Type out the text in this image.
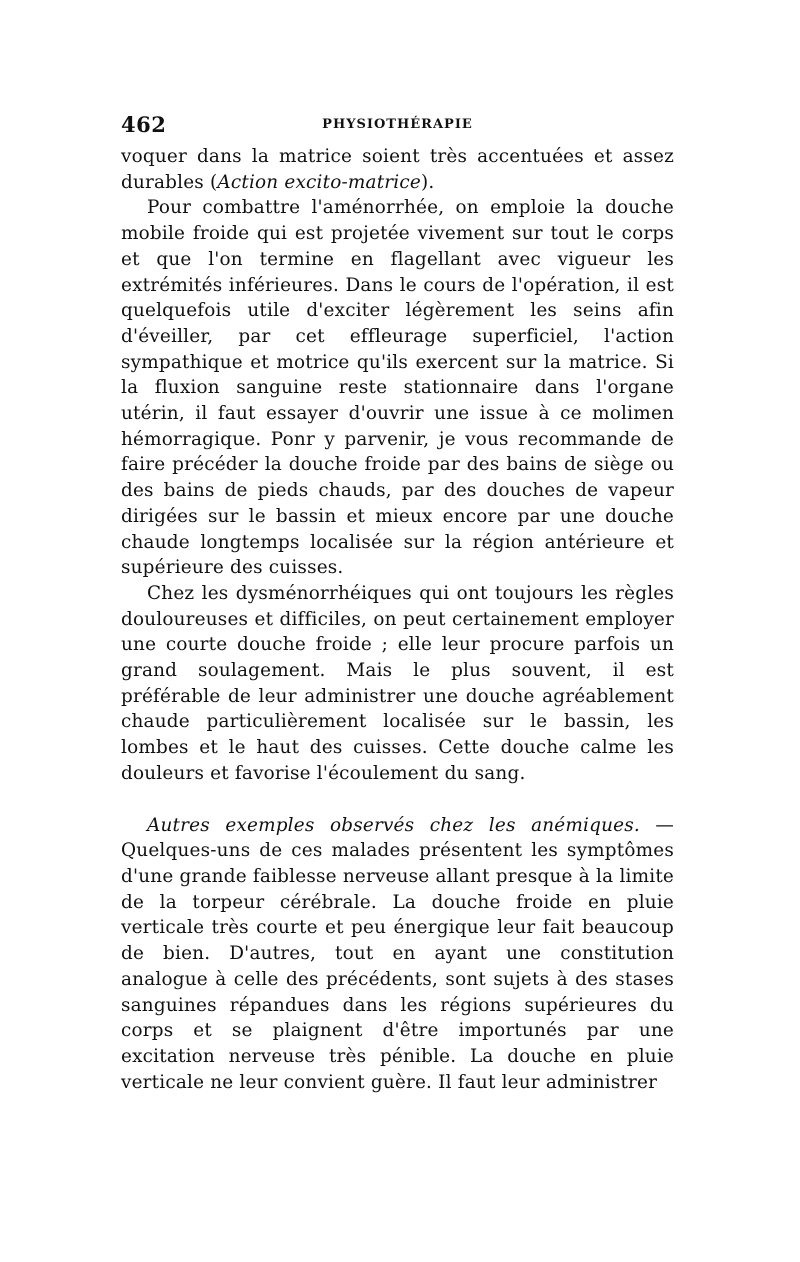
462	PHYSIOTHÉRAPIE

voquer dans la matrice soient très accentuées et assez durables (Action excito-matrice).

Pour combattre l'aménorrhée, on emploie la douche mobile froide qui est projetée vivement sur tout le corps et que l'on termine en flagellant avec vigueur les extrémités inférieures. Dans le cours de l'opération, il est quelquefois utile d'exciter légèrement les seins afin d'éveiller, par cet effleurage superficiel, l'action sympathique et motrice qu'ils exercent sur la matrice. Si la fluxion sanguine reste stationnaire dans l'organe utérin, il faut essayer d'ouvrir une issue à ce molimen hémorragique. Ponr y parvenir, je vous recommande de faire précéder la douche froide par des bains de siège ou des bains de pieds chauds, par des douches de vapeur dirigées sur le bassin et mieux encore par une douche chaude longtemps localisée sur la région antérieure et supérieure des cuisses.

Chez les dysménorrhéiques qui ont toujours les règles douloureuses et difficiles, on peut certainement employer une courte douche froide ; elle leur procure parfois un grand soulagement. Mais le plus souvent, il est préférable de leur administrer une douche agréablement chaude particulièrement localisée sur le bassin, les lombes et le haut des cuisses. Cette douche calme les douleurs et favorise l'écoulement du sang.

Autres exemples observés chez les anémiques. — Quelques-uns de ces malades présentent les symptômes d'une grande faiblesse nerveuse allant presque à la limite de la torpeur cérébrale. La douche froide en pluie verticale très courte et peu énergique leur fait beaucoup de bien. D'autres, tout en ayant une constitution analogue à celle des précédents, sont sujets à des stases sanguines répandues dans les régions supérieures du corps et se plaignent d'être importunés par une excitation nerveuse très pénible. La douche en pluie verticale ne leur convient guère. Il faut leur administrer
